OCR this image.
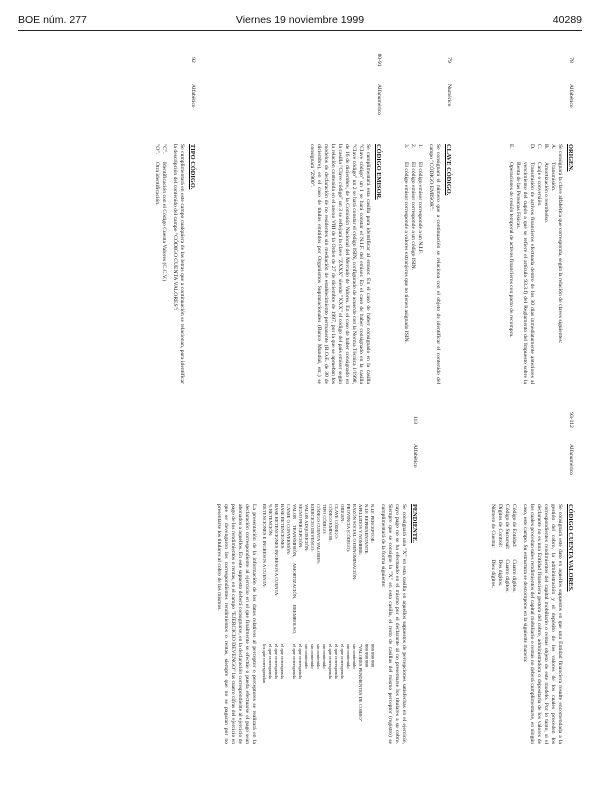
BOE núm. 277	Viernes 19 noviembre 1999	40289
78
Alfabético
ORIGEN.

Se consignará la clave alfabética que corresponda, según la relación de claves siguientes:

A.
Transmisión.
B.
Amortización o reembolso.
C.
Canje o conversión.
D.
Transmisión de activos financieros efectuada dentro de los 30 días inmediatamente anteriores al vencimiento del cupón a que se refiere el artículo 93.3.f) del Reglamento del Impuesto sobre la Renta de las Personas Físicas.
E.
Operaciones de cesión temporal de activos financieros con pacto de recompra.
79
Numérico
CLAVE CÓDIGO.

Se consignará el número que a continuación se relaciona con el objeto de identificar el contenido del campo "CÓDIGO EMISOR":

1.
El código emisor corresponde a un N.I.F.
2.
El código emisor corresponde a un código ISIN.
3.
El código emisor corresponde a valores extranjeros que no tienen asignado ISIN.
80-91
Alfanumérico
CÓDIGO EMISOR.

Se cumplimentará esta casilla para identificar al emisor. En el caso de haber consignado en la casilla "Clave código" un 1 se hará constar el N.I.F. del emisor. En el caso de haber consignado en la casilla "Clave código" un 2 se hará constar el código ISIN, configurado de acuerdo con la Norma Técnica 1/1998, de 16 de diciembre, de la Comisión Nacional del Mercado de Valores. En el caso de haber consignado en la casilla "Clave código" un 3 se reflejará la clave "ZXXX" siendo "XXX" el código del país emisor según la relación contenida en el anexo VIII de la Orden de 27 de diciembre de 1997, por la que se aprueban los modelos de declaración de no residentes sin mediación de establecimiento permanente (B.O.E. de 30 de diciembre), en el caso de títulos emitidos por Organismos Supranacionales (Banco Mundial, etc.) se consignará "Z900".

92
Alfabético
TIPO CÓDIGO.

Se cumplimentará en este campo cualquiera de las letras que a continuación se relacionan, para identificar la descripción del contenido del campo "CÓDIGO CUENTA VALORES":

"C".
Identificación con el Código Cuenta Valores (C.C.V.)
"O".
Otra identificación.
93-112
Alfanumérico
CÓDIGO CUENTA VALORES.

Se consignará este dato en aquellos supuestos en que una Entidad financiera resulte encomendada a la gestión del cobro, la administración y el depósito de los valores de los cuales proceden los correspondientes rendimientos del capital mobiliario o rentas objeto de este modelo. Por lo tanto, si el declarante no es una Entidad financiera gestora del cobro, administradora o depositaria de los valores de los cuales procedan tales rendimientos del capital mobiliario o rentas no deberá cumplimentarse, en ningún caso, este campo. Su estructura se descompone en la siguiente manera:

Código de Entidad:	Cuatro dígitos.
Código de Sucursal:	Cuatro dígitos.
Dígitos de Control:	Dos dígitos.
Número de Cuenta:	Diez dígitos.
113
Alfabético
PENDIENTE.

Se consignará una "X" en esta casilla en aquellos supuestos de percepciones satisfechas en el ejercicio, cuyo pago no se ha efectuado en el mismo por el declarante al no presentarse los titulares a su cobro. Siempre que se consigne la "X" en esta casilla, el resto de casillas del mismo perceptor (registro) se cumplimentará de la forma siguiente:

N.I.F. PERCEPTOR:	999 999 999
N.I.F. REPRESENTANTE:	999 999 999
APELLIDOS Y NOMBRE:	"VALORES PENDIENTES DE COBRO"
RAZÓN SOCIAL O DENOMINACIÓN:	sin contenido
PROVINCIA (CÓDIGO):	sin contenido
ORIGEN:	el que corresponda
CLAVE CÓDIGO:	el que corresponda
CÓDIGO EMISOR:	el que corresponda
TIPO CÓDIGO:	sin contenido
CÓDIGO CUENTA VALORES:	sin contenido
EJERCICIO DEVENGO:	sin contenido
VALOR ADQUISICIÓN:	sin contenido
SIGNO PERCEPCIÓN:	el que corresponda
VALOR TRANSMISIÓN, AMORTIZACIÓN, REEMBOLSO, CANJE O CONVERSIÓN:	el que corresponda
BASE RETENCIONES:	el que corresponda
BASE RETENCIONES INGRESOS A CUENTA:	el que corresponda
% RETENCIÓN:	el que corresponda
RETENCIONES E INGRESOS A CUENTA:	los que correspondan

La presentación de la información de los datos relativos al perceptor o perceptores se realizará en la declaración correspondiente al ejercicio en el que finalmente se efectúe o pueda efectuarse el pago sean abonados a aquellos. En este supuesto deberá consignarse, en la declaración correspondiente al ejercicio de pago de los rendimientos o rentas, en el campo "EJERCICIO DEVENGO" las cuatro cifras del ejercicio en que se devengaron los correspondientes rendimientos o rentas, siempre que no se pagaran por no presentarse los titulares al cobro de los mismos.
